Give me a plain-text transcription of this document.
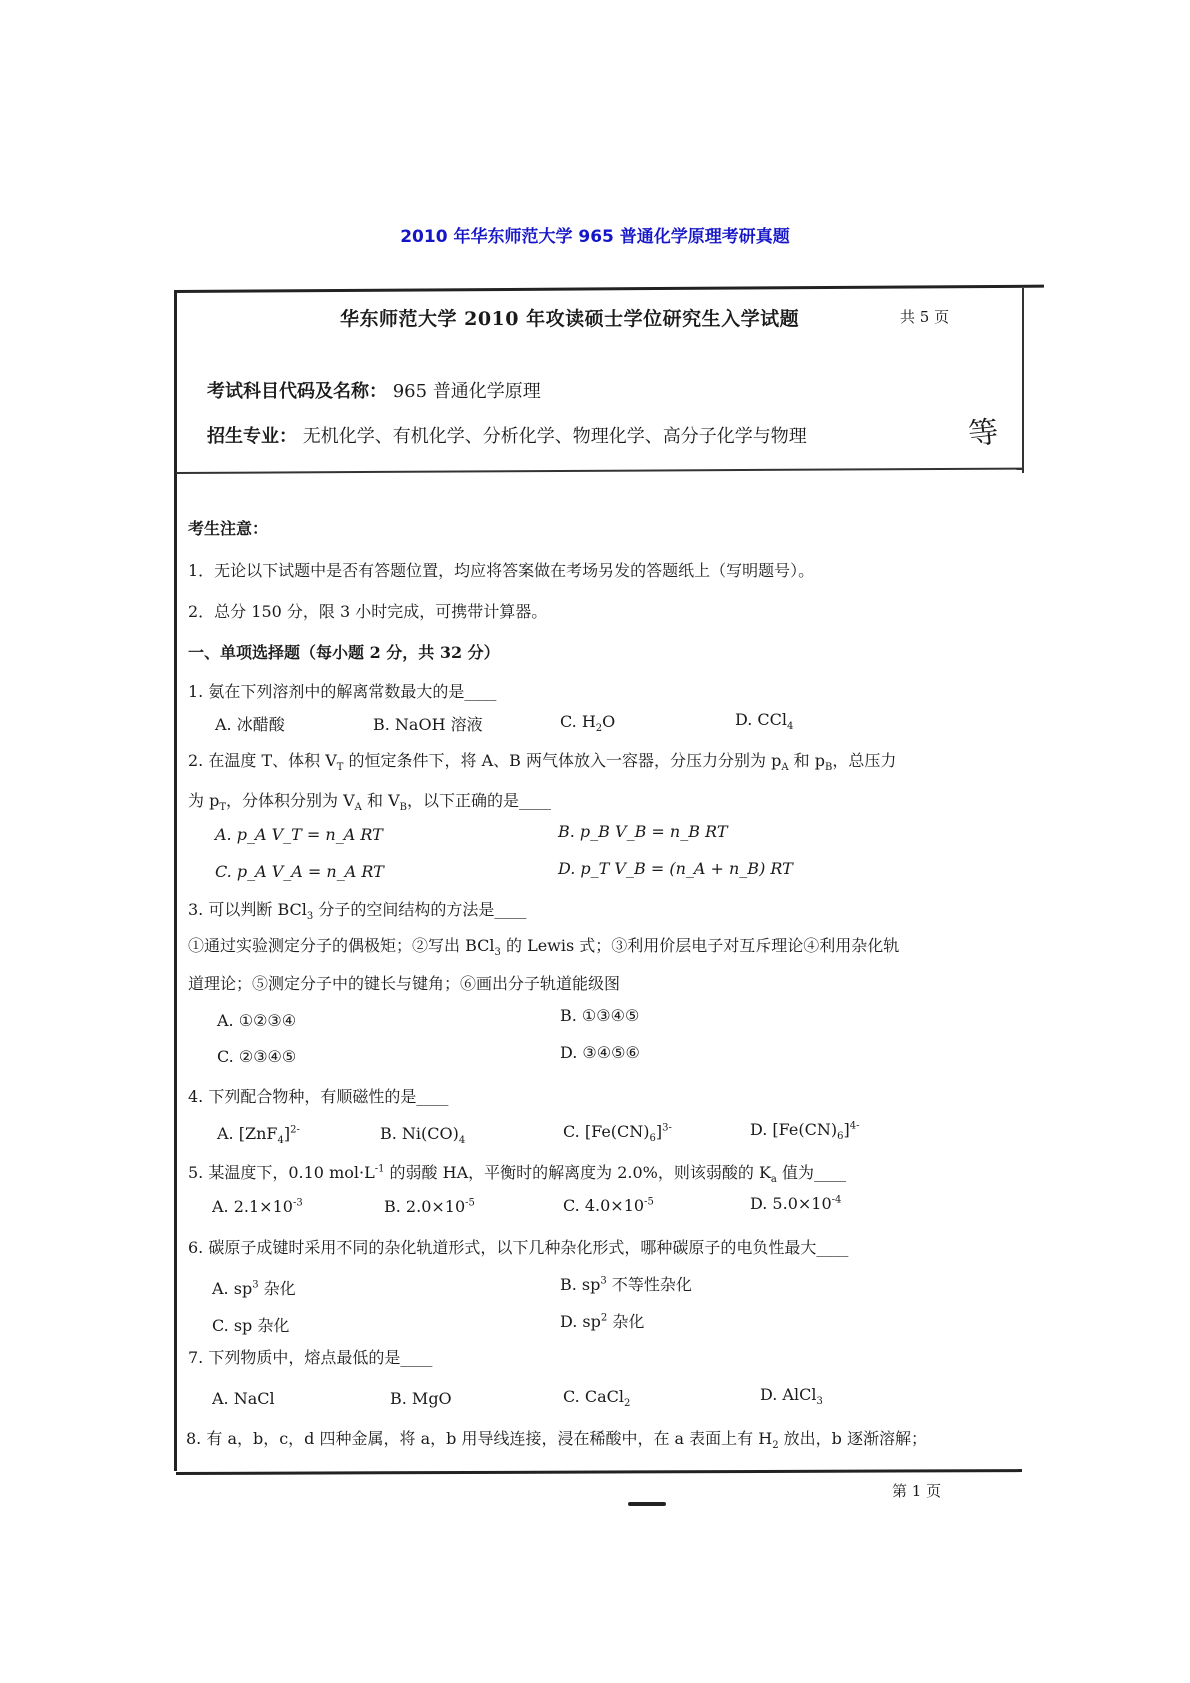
2010 年华东师范大学 965 普通化学原理考研真题
华东师范大学 2010 年攻读硕士学位研究生入学试题	共 5 页
考试科目代码及名称： 965 普通化学原理
招生专业： 无机化学、有机化学、分析化学、物理化学、高分子化学与物理	等
考生注意：
1．无论以下试题中是否有答题位置，均应将答案做在考场另发的答题纸上（写明题号）。
2．总分 150 分，限 3 小时完成，可携带计算器。
一、单项选择题（每小题 2 分，共 32 分）
1. 氨在下列溶剂中的解离常数最大的是____
A. 冰醋酸	B. NaOH 溶液	C. $H_2O$	D. CCl$_4$
2. 在温度 T、体积 $V_T$ 的恒定条件下，将 A、B 两气体放入一容器，分压力分别为 $p_A$ 和 $p_B$，总压力
为 $p_T$，分体积分别为 $V_A$ 和 $V_B$，以下正确的是____
A. p_A V_T = n_A RT	B. p_B V_B = n_B RT
C. p_A V_A = n_A RT	D. p_T V_B = (n_A + n_B) RT
3. 可以判断 BCl$_3$ 分子的空间结构的方法是____
①通过实验测定分子的偶极矩；②写出 BCl$_3$ 的 Lewis 式；③利用价层电子对互斥理论④利用杂化轨
道理论；⑤测定分子中的键长与键角；⑥画出分子轨道能级图
A. ①②③④	B. ①③④⑤
C. ②③④⑤	D. ③④⑤⑥
4. 下列配合物种，有顺磁性的是____
A. $[ZnF_4]^{2-}$	B. $Ni(CO)_4$	C. $[Fe(CN)_6]^{3-}$	D. $[Fe(CN)_6]^{4-}$
5. 某温度下，0.10 $mol\cdot L^{-1}$ 的弱酸 HA，平衡时的解离度为 2.0%，则该弱酸的 $K_a$ 值为____
A. $2.1\times 10^{-3}$	B. $2.0\times 10^{-5}$	C. $4.0\times 10^{-5}$	D. $5.0\times 10^{-4}$
6. 碳原子成键时采用不同的杂化轨道形式，以下几种杂化形式，哪种碳原子的电负性最大____
A. $sp^3$ 杂化	B. $sp^3$ 不等性杂化
C. sp 杂化	D. $sp^2$ 杂化
7. 下列物质中，熔点最低的是____
A. NaCl	B. MgO	C. CaCl$_2$	D. AlCl$_3$
8. 有 a，b，c，d 四种金属，将 a，b 用导线连接，浸在稀酸中，在 a 表面上有 $H_2$ 放出，b 逐渐溶解；
第 1 页
